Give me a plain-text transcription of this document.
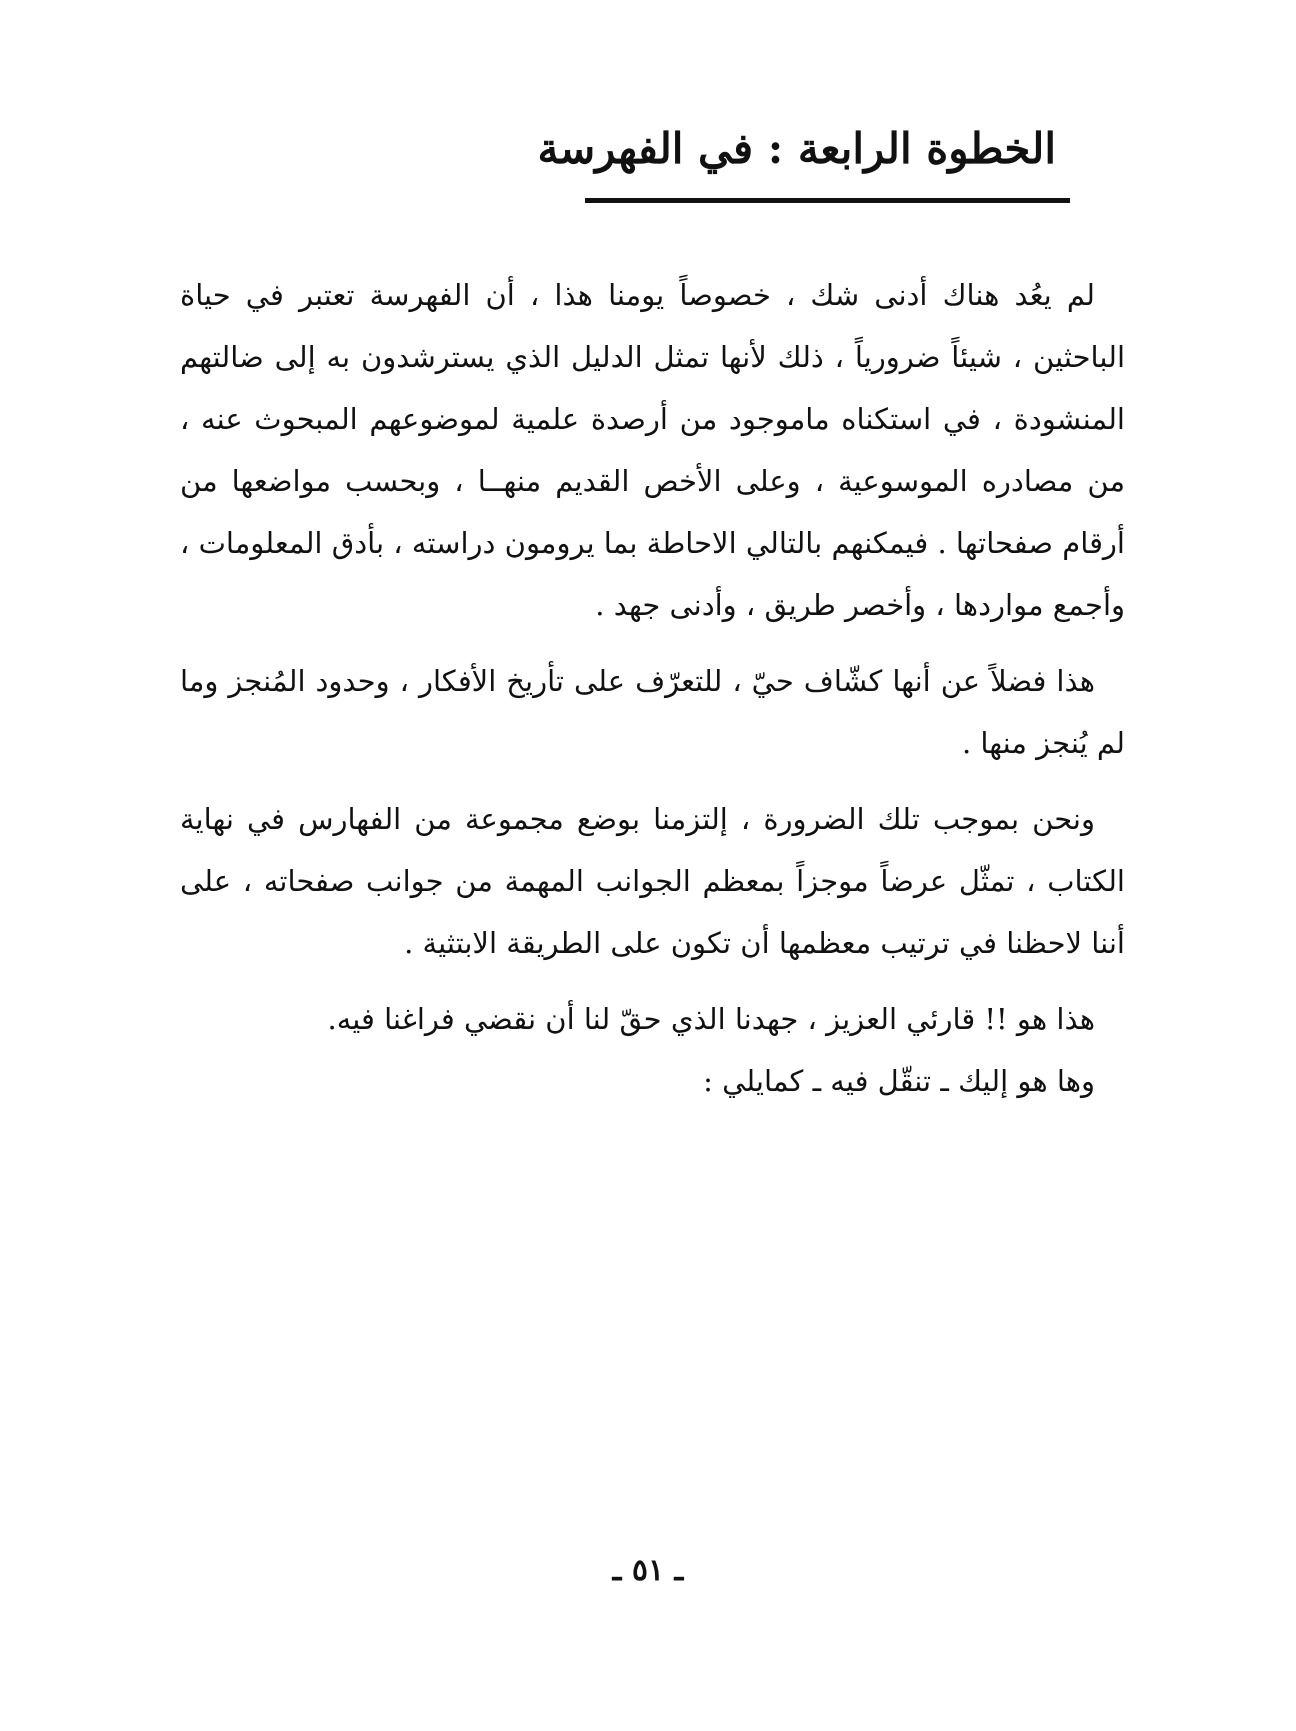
الخطوة الرابعة : في الفهرسة

لم يعُد هناك أدنى شك ، خصوصاً يومنا هذا ، أن الفهرسة تعتبر في حياة الباحثين ، شيئاً ضرورياً ، ذلك لأنها تمثل الدليل الذي يسترشدون به إلى ضالتهم المنشودة ، في استكناه ماموجود من أرصدة علمية لموضوعهم المبحوث عنه ، من مصادره الموسوعية ، وعلى الأخص القديم منهــا ، وبحسب مواضعها من أرقام صفحاتها . فيمكنهم بالتالي الاحاطة بما يرومون دراسته ، بأدق المعلومات ، وأجمع مواردها ، وأخصر طريق ، وأدنى جهد .

هذا فضلاً عن أنها كشّاف حيّ ، للتعرّف على تأريخ الأفكار ، وحدود المُنجز وما لم يُنجز منها .

ونحن بموجب تلك الضرورة ، إلتزمنا بوضع مجموعة من الفهارس في نهاية الكتاب ، تمثّل عرضاً موجزاً بمعظم الجوانب المهمة من جوانب صفحاته ، على أننا لاحظنا في ترتيب معظمها أن تكون على الطريقة الابتثية .

هذا هو !! قارئي العزيز ، جهدنا الذي حقّ لنا أن نقضي فراغنا فيه.

وها هو إليك ـ تنقّل فيه ـ كمايلي :

ـ ٥١ ـ
